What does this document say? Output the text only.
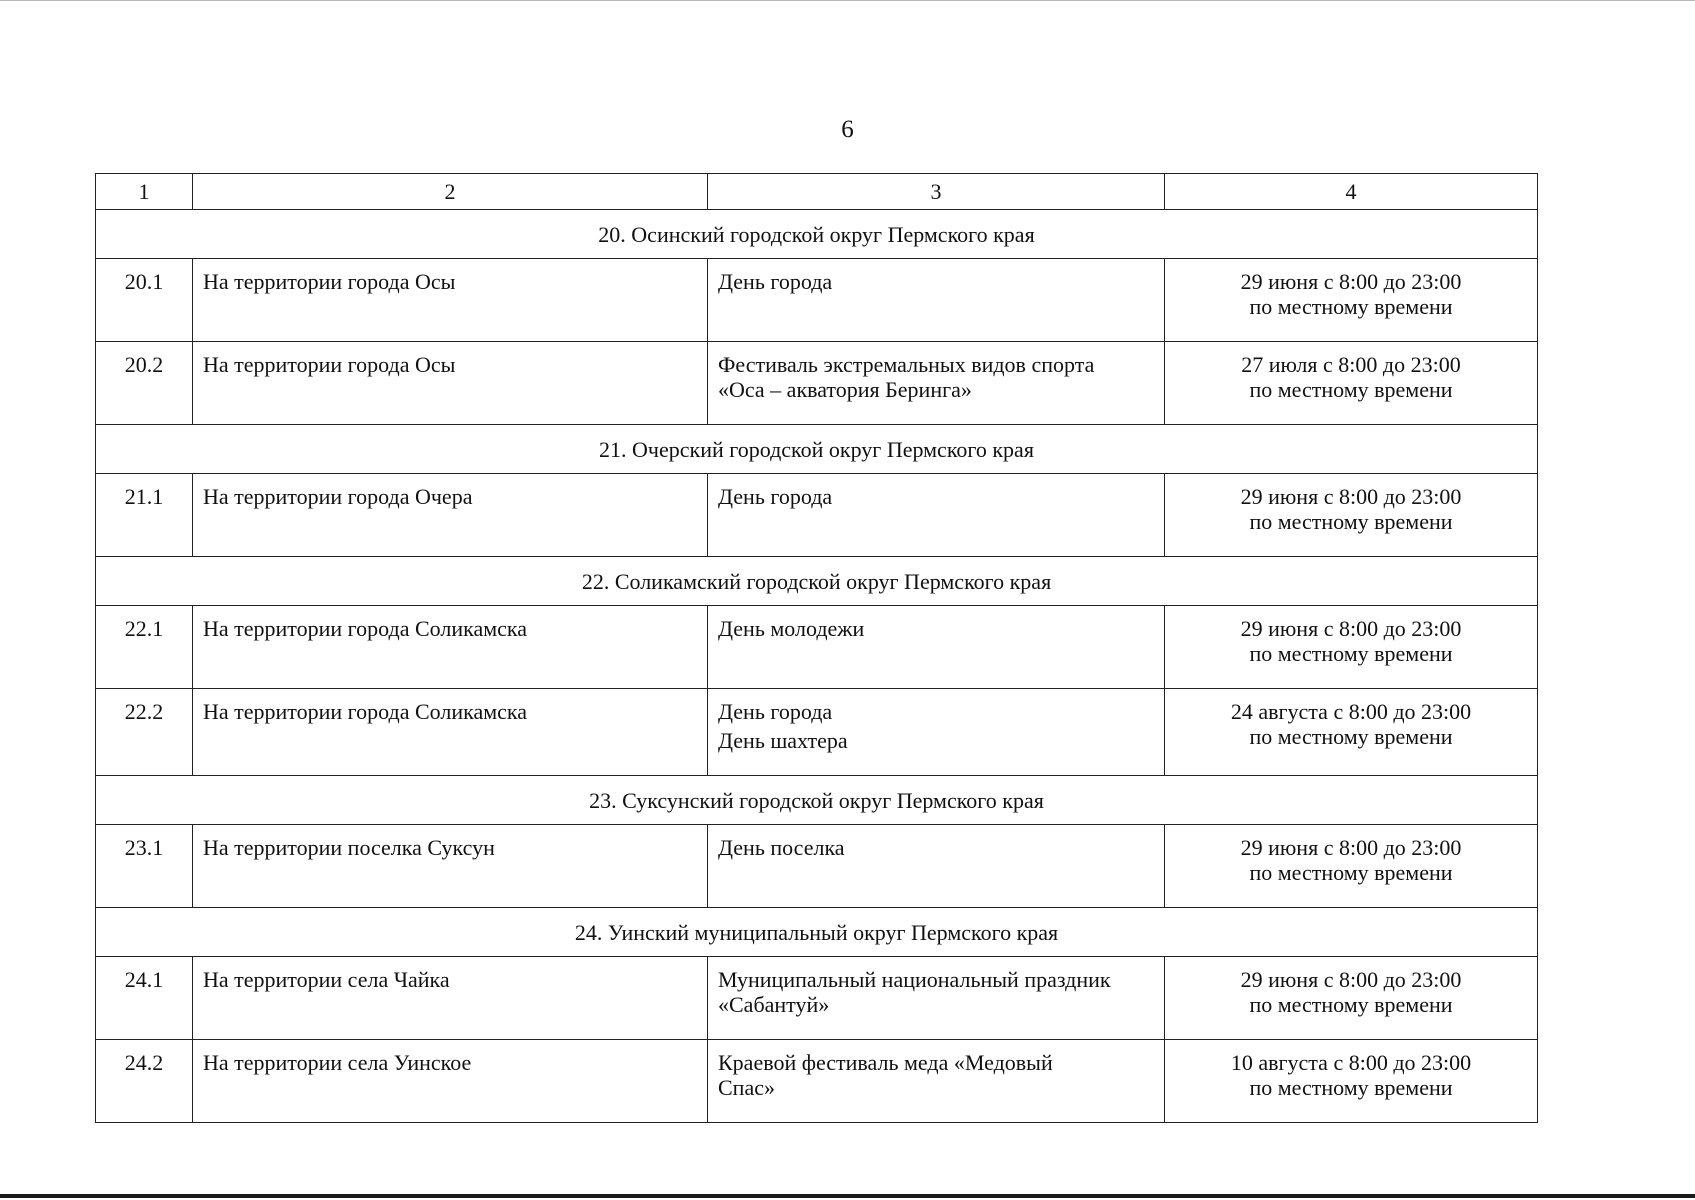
6
1	2	3	4
20. Осинский городской округ Пермского края			
20.1	На территории города Осы	День города	29 июня с 8:00 до 23:00
по местному времени

20.2	На территории города Осы	Фестиваль экстремальных видов спорта
«Оса – акватория Беринга»	27 июля с 8:00 до 23:00
по местному времени

21. Очерский городской округ Пермского края			
21.1	На территории города Очера	День города	29 июня с 8:00 до 23:00
по местному времени

22. Соликамский городской округ Пермского края			
22.1	На территории города Соликамска	День молодежи	29 июня с 8:00 до 23:00
по местному времени

22.2	На территории города Соликамска	День города
День шахтера	24 августа с 8:00 до 23:00
по местному времени

23. Суксунский городской округ Пермского края			
23.1	На территории поселка Суксун	День поселка	29 июня с 8:00 до 23:00
по местному времени

24. Уинский муниципальный округ Пермского края			
24.1	На территории села Чайка	Муниципальный национальный праздник
«Сабантуй»	29 июня с 8:00 до 23:00
по местному времени

24.2	На территории села Уинское	Краевой фестиваль меда «Медовый
Спас»	10 августа с 8:00 до 23:00
по местному времени
